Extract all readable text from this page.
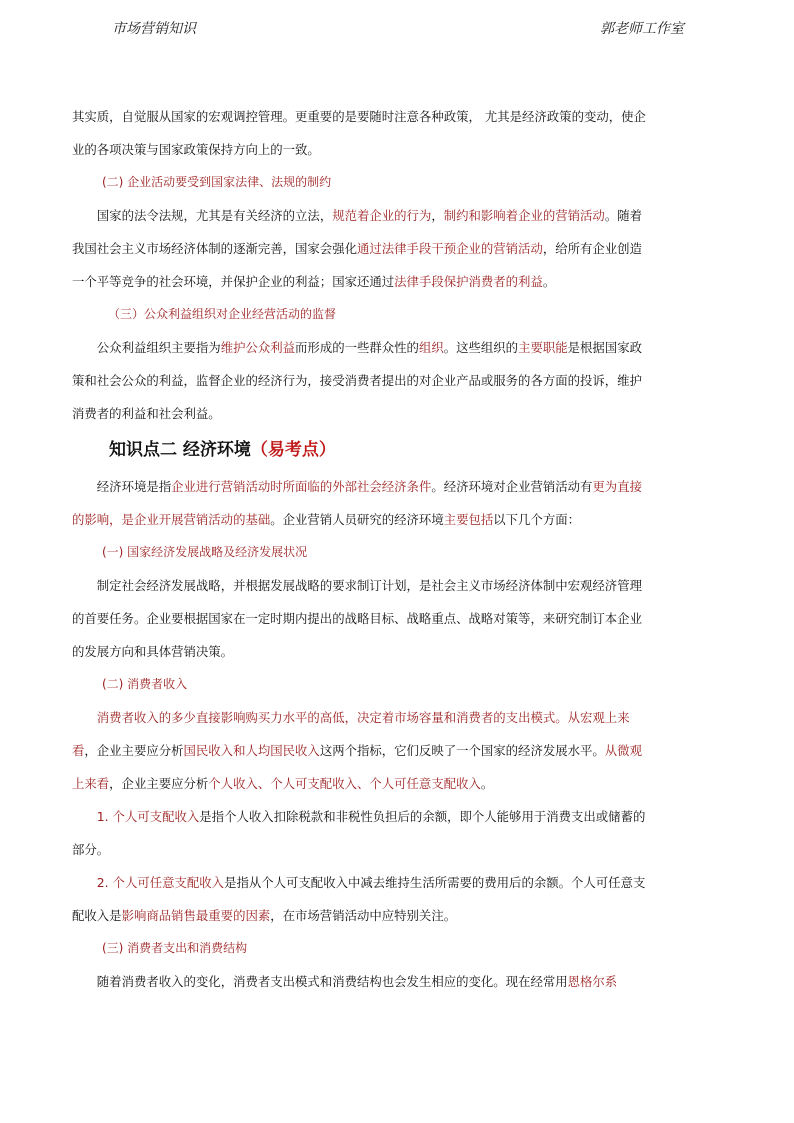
市场营销知识	郭老师工作室

其实质，自觉服从国家的宏观调控管理。更重要的是要随时注意各种政策， 尤其是经济政策的变动，使企业的各项决策与国家政策保持方向上的一致。

(二) 企业活动要受到国家法律、法规的制约

国家的法令法规，尤其是有关经济的立法，规范着企业的行为，制约和影响着企业的营销活动。随着我国社会主义市场经济体制的逐渐完善，国家会强化通过法律手段干预企业的营销活动，给所有企业创造一个平等竞争的社会环境，并保护企业的利益；国家还通过法律手段保护消费者的利益。

（三）公众利益组织对企业经营活动的监督

公众利益组织主要指为维护公众利益而形成的一些群众性的组织。这些组织的主要职能是根据国家政策和社会公众的利益，监督企业的经济行为，接受消费者提出的对企业产品或服务的各方面的投诉，维护消费者的利益和社会利益。

知识点二 经济环境（易考点）

经济环境是指企业进行营销活动时所面临的外部社会经济条件。经济环境对企业营销活动有更为直接的影响，是企业开展营销活动的基础。企业营销人员研究的经济环境主要包括以下几个方面：

(一) 国家经济发展战略及经济发展状况

制定社会经济发展战略，并根据发展战略的要求制订计划，是社会主义市场经济体制中宏观经济管理的首要任务。企业要根据国家在一定时期内提出的战略目标、战略重点、战略对策等，来研究制订本企业的发展方向和具体营销决策。

(二) 消费者收入

消费者收入的多少直接影响购买力水平的高低，决定着市场容量和消费者的支出模式。从宏观上来看，企业主要应分析国民收入和人均国民收入这两个指标，它们反映了一个国家的经济发展水平。从微观上来看，企业主要应分析个人收入、个人可支配收入、个人可任意支配收入。

1. 个人可支配收入是指个人收入扣除税款和非税性负担后的余额，即个人能够用于消费支出或储蓄的部分。

2. 个人可任意支配收入是指从个人可支配收入中减去维持生活所需要的费用后的余额。个人可任意支配收入是影响商品销售最重要的因素，在市场营销活动中应特别关注。

(三) 消费者支出和消费结构

随着消费者收入的变化，消费者支出模式和消费结构也会发生相应的变化。现在经常用恩格尔系
